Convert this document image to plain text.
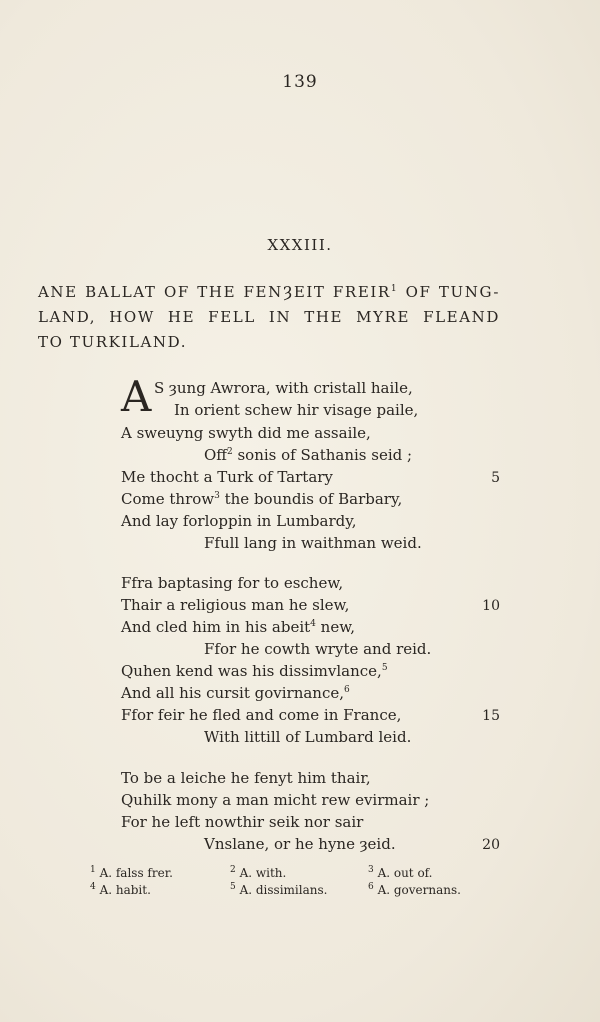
139
XXXIII.
ANE BALLAT OF THE FENȜEIT FREIR$^1$ OF TUNG-
LAND, HOW HE FELL IN THE MYRE FLEAND
TO TURKILAND.
A S ȝung Awrora, with cristall haile,
In orient schew hir visage paile,
A sweuyng swyth did me assaile,
Off$^2$ sonis of Sathanis seid ;
Me thocht a Turk of Tartary	5
Come throw$^3$ the boundis of Barbary,
And lay forloppin in Lumbardy,
Ffull lang in waithman weid.
Ffra baptasing for to eschew,
Thair a religious man he slew,	10
And cled him in his abeit$^4$ new,
Ffor he cowth wryte and reid.
Quhen kend was his dissimvlance,$^5$
And all his cursit govirnance,$^6$
Ffor feir he fled and come in France,	15
With littill of Lumbard leid.
To be a leiche he fenyt him thair,
Quhilk mony a man micht rew evirmair ;
For he left nowthir seik nor sair
Vnslane, or he hyne ȝeid.	20
$^1$ A. falss frer.	$^2$ A. with.	$^3$ A. out of.
$^4$ A. habit.	$^5$ A. dissimilans.	$^6$ A. governans.
